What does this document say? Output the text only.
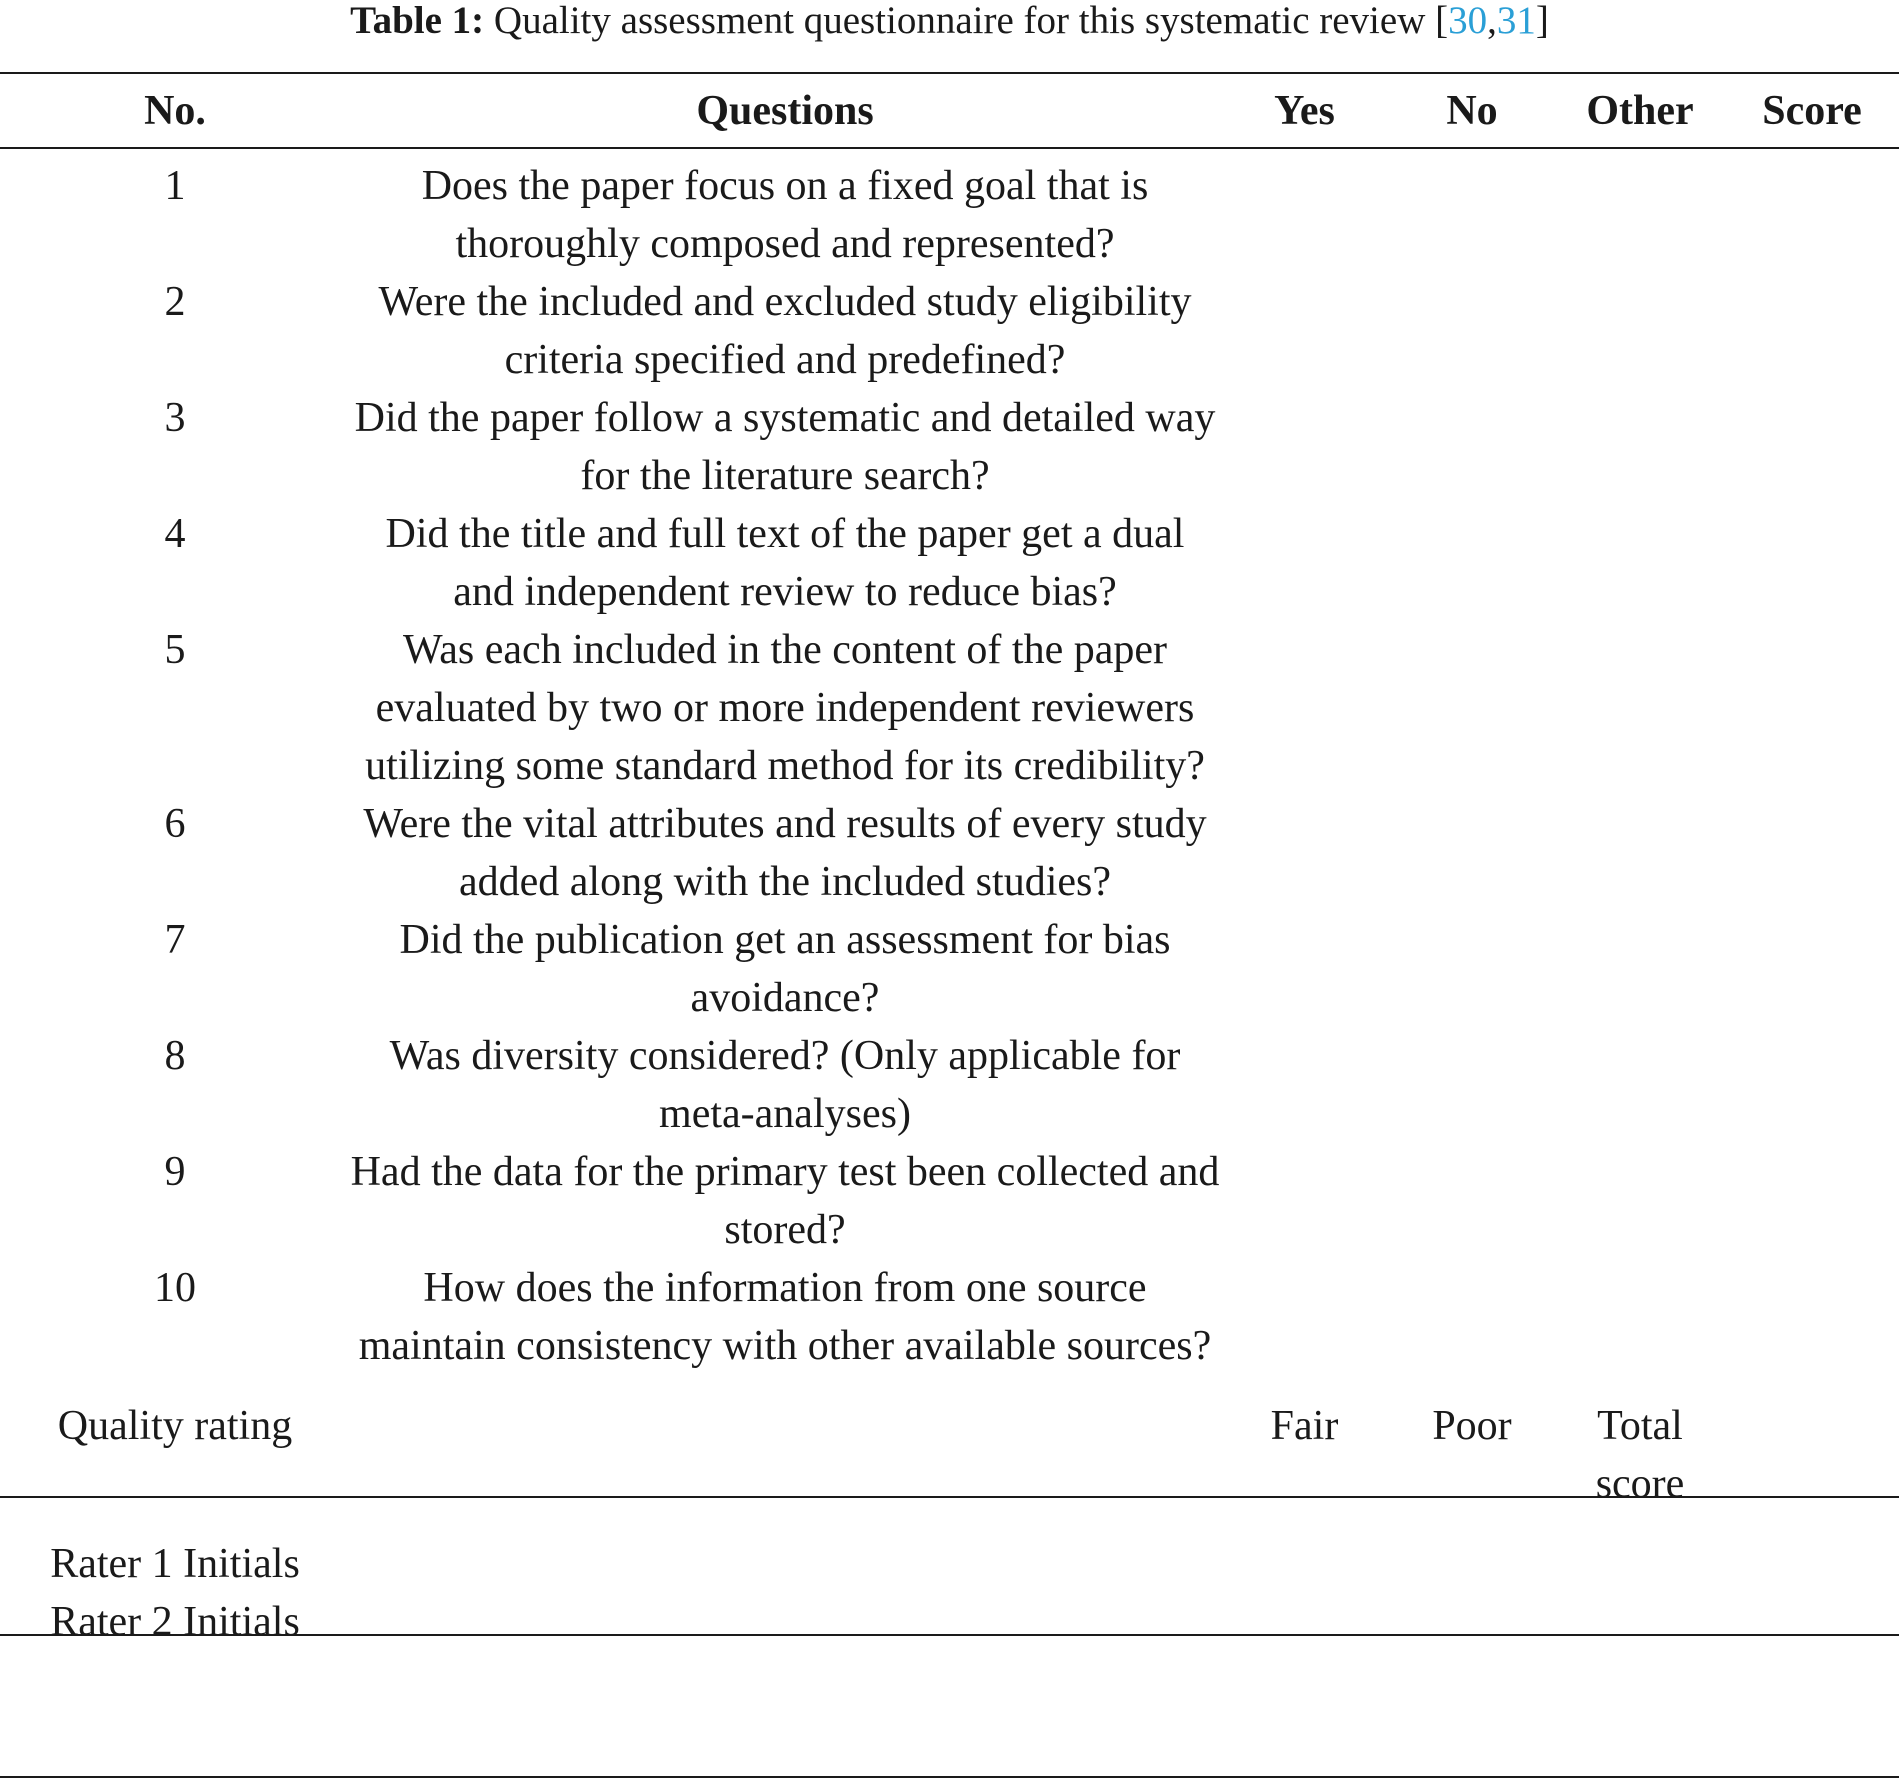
Table 1: Quality assessment questionnaire for this systematic review [30,31]
No.	Questions	Yes	No	Other	Score
1	Does the paper focus on a fixed goal that is thoroughly composed and represented?				
2	Were the included and excluded study eligibility criteria specified and predefined?				
3	Did the paper follow a systematic and detailed way for the literature search?				
4	Did the title and full text of the paper get a dual and independent review to reduce bias?				
5	Was each included in the content of the paper evaluated by two or more independent reviewers utilizing some standard method for its credibility?				
6	Were the vital attributes and results of every study added along with the included studies?				
7	Did the publication get an assessment for bias avoidance?				
8	Was diversity considered? (Only applicable for meta-analyses)				
9	Had the data for the primary test been collected and stored?				
10	How does the information from one source maintain consistency with other available sources?				
Quality rating		Fair	Poor	Total score	

Rater 1 Initials
Rater 2 Initials					
